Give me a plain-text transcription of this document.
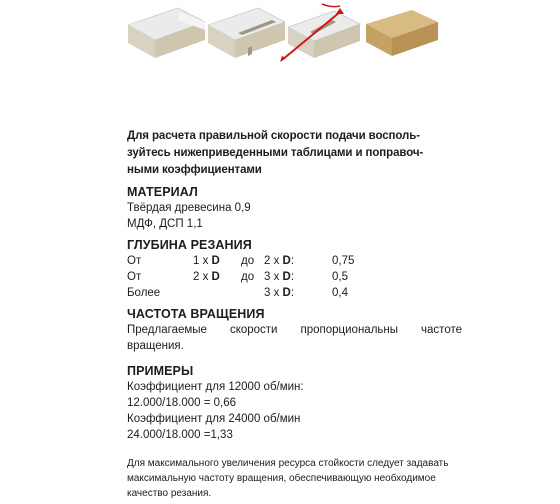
Для расчета правильной скорости подачи восполь-
зуйтесь нижеприведенными таблицами и поправоч-
ными коэффициентами

МАТЕРИАЛ

Твёрдая древесина 0,9

МДФ, ДСП 1,1

ГЛУБИНА РЕЗАНИЯ
От	1 x D до 2 x D:	0,75
От	2 x D до 3 x D:	0,5
Более	3 x D:	0,4
ЧАСТОТА ВРАЩЕНИЯ

Предлагаемые скорости пропорциональны частоте вращения.

ПРИМЕРЫ

Коэффициент для 12000 об/мин:

12.000/18.000 = 0,66

Коэффициент для 24000 об/мин

24.000/18.000 =1,33

Для максимального увеличения ресурса стойкости следует задавать
максимальную частоту вращения, обеспечивающую необходимое
качество резания.
